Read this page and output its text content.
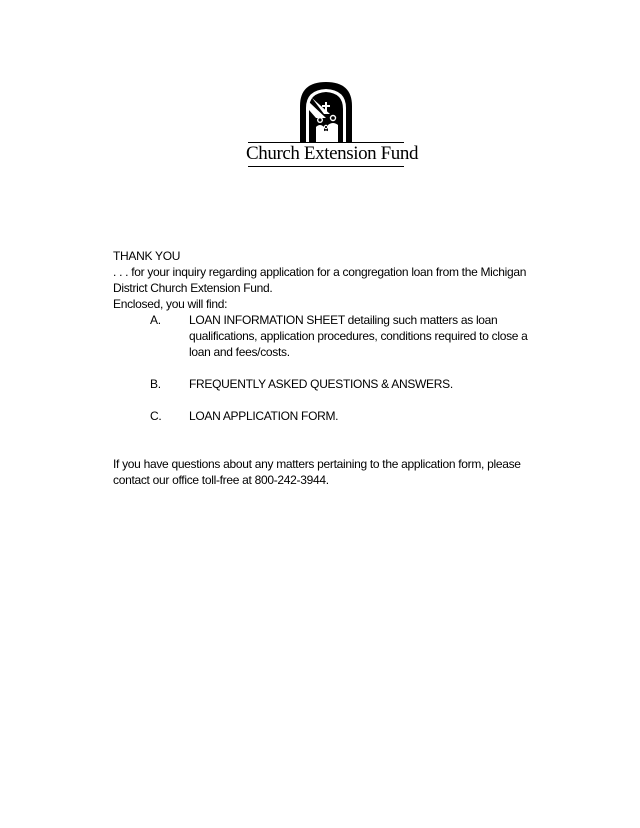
Church Extension Fund

THANK YOU

. . . for your inquiry regarding application for a congregation loan from the Michigan District Church Extension Fund.

Enclosed, you will find:

A.	LOAN INFORMATION SHEET detailing such matters as loan qualifications, application procedures, conditions required to close a loan and fees/costs.
B.	FREQUENTLY ASKED QUESTIONS & ANSWERS.
C.	LOAN APPLICATION FORM.

If you have questions about any matters pertaining to the application form, please contact our office toll-free at 800-242-3944.
